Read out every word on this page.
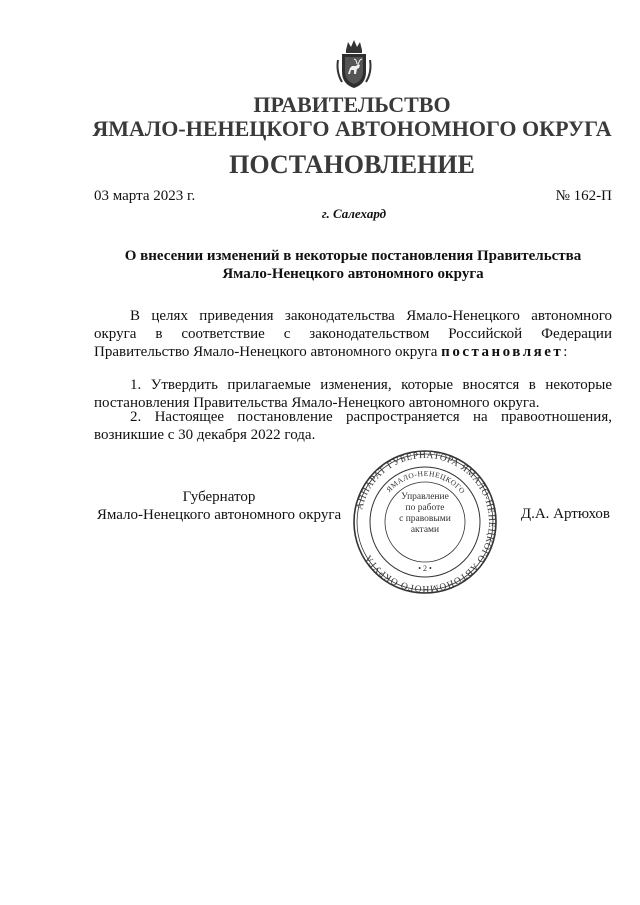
ПРАВИТЕЛЬСТВО
ЯМАЛО-НЕНЕЦКОГО АВТОНОМНОГО ОКРУГА
ПОСТАНОВЛЕНИЕ
03 марта 2023 г.	№ 162-П
г. Салехард
О внесении изменений в некоторые постановления Правительства
Ямало-Ненецкого автономного округа

В целях приведения законодательства Ямало-Ненецкого автономного округа в соответствие с законодательством Российской Федерации Правительство Ямало-Ненецкого автономного округа постановляет:

1. Утвердить прилагаемые изменения, которые вносятся в некоторые постановления Правительства Ямало-Ненецкого автономного округа.

2. Настоящее постановление распространяется на правоотношения, возникшие с 30 декабря 2022 года.

Губернатор
Ямало-Ненецкого автономного округа	Д.А. Артюхов
АППАРАТ ГУБЕРНАТОРА ЯМАЛО-НЕНЕЦКОГО АВТОНОМНОГО ОКРУГА
ЯМАЛО-НЕНЕЦКОГО
• 2 •
Управление
по работе
с правовыми
актами
